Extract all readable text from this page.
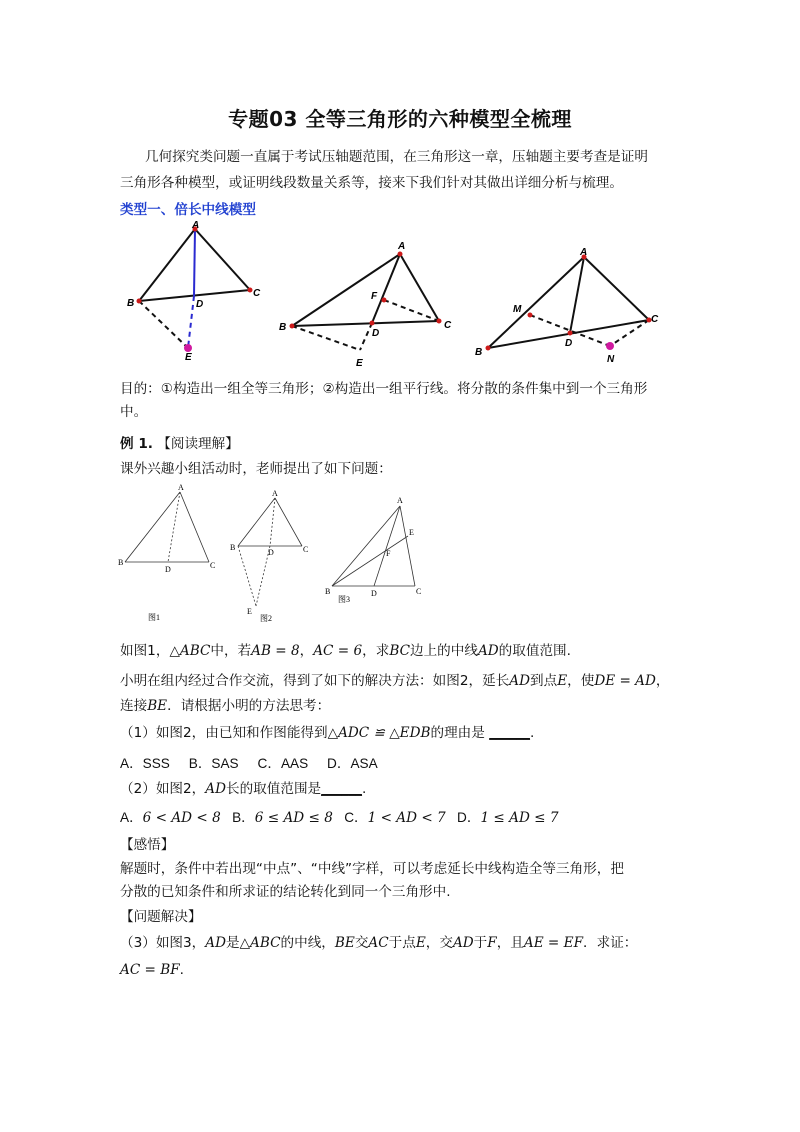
专题03 全等三角形的六种模型全梳理
几何探究类问题一直属于考试压轴题范围，在三角形这一章，压轴题主要考查是证明
三角形各种模型，或证明线段数量关系等，接来下我们针对其做出详细分析与梳理。
类型一、倍长中线模型
A
B
C
D
E
A
B	C
D
E
F
A
B
C
D
M
N
目的：①构造出一组全等三角形；②构造出一组平行线。将分散的条件集中到一个三角形
中。
例 1. 【阅读理解】
课外兴趣小组活动时，老师提出了如下问题：
A
B	C
D
图1
A
B	C
D
E
图2
A
B	C
D
E
F
图3
如图1，△ABC中，若AB = 8，AC = 6，求BC边上的中线AD的取值范围.
小明在组内经过合作交流，得到了如下的解决方法：如图2，延长AD到点E，使DE = AD，
连接BE．请根据小明的方法思考：
（1）如图2，由已知和作图能得到△ADC ≌ △EDB的理由是 ______.
A．SSS B．SAS C．AAS D．ASA
（2）如图2，AD长的取值范围是______.
A．6 < AD < 8 B．6 ≤ AD ≤ 8 C．1 < AD < 7 D．1 ≤ AD ≤ 7
【感悟】
解题时，条件中若出现“中点”、“中线”字样，可以考虑延长中线构造全等三角形，把
分散的已知条件和所求证的结论转化到同一个三角形中.
【问题解决】
（3）如图3，AD是△ABC的中线，BE交AC于点E，交AD于F，且AE = EF．求证：
AC = BF.
